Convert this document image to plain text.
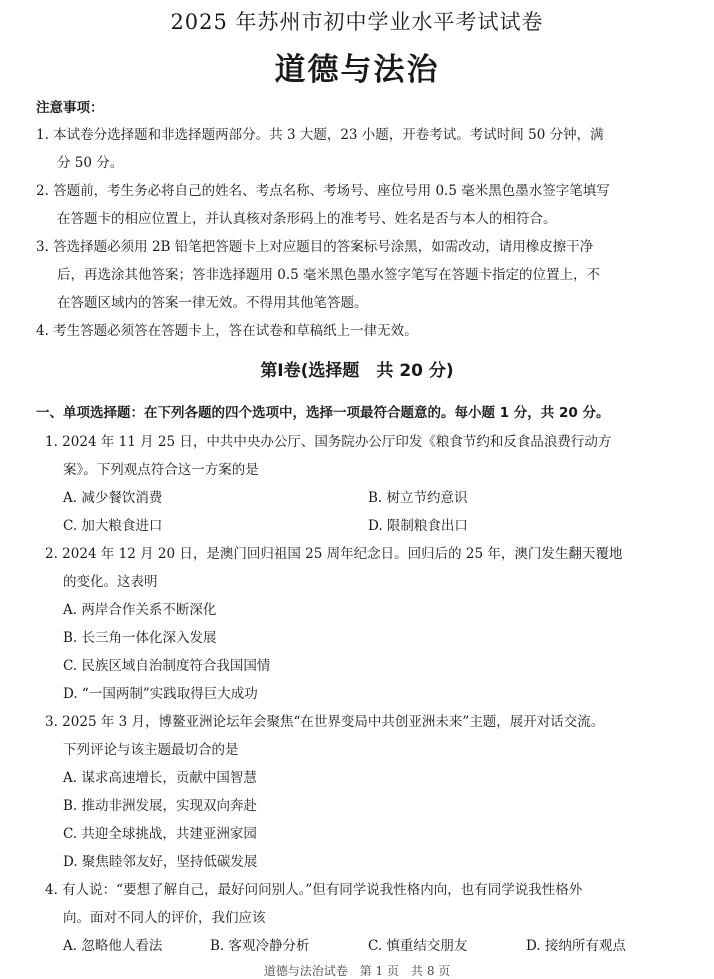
2025 年苏州市初中学业水平考试试卷
道德与法治
注意事项：
1. 本试卷分选择题和非选择题两部分。共 3 大题，23 小题，开卷考试。考试时间 50 分钟，满
分 50 分。
2. 答题前，考生务必将自己的姓名、考点名称、考场号、座位号用 0.5 毫米黑色墨水签字笔填写
在答题卡的相应位置上，并认真核对条形码上的准考号、姓名是否与本人的相符合。
3. 答选择题必须用 2B 铅笔把答题卡上对应题目的答案标号涂黑，如需改动，请用橡皮擦干净
后，再选涂其他答案；答非选择题用 0.5 毫米黑色墨水签字笔写在答题卡指定的位置上，不
在答题区域内的答案一律无效。不得用其他笔答题。
4. 考生答题必须答在答题卡上，答在试卷和草稿纸上一律无效。
第Ⅰ卷(选择题　共 20 分)
一、单项选择题：在下列各题的四个选项中，选择一项最符合题意的。每小题 1 分，共 20 分。
1. 2024 年 11 月 25 日，中共中央办公厅、国务院办公厅印发《粮食节约和反食品浪费行动方
案》。下列观点符合这一方案的是
A. 减少餐饮消费	B. 树立节约意识
C. 加大粮食进口	D. 限制粮食出口
2. 2024 年 12 月 20 日，是澳门回归祖国 25 周年纪念日。回归后的 25 年，澳门发生翻天覆地
的变化。这表明
A. 两岸合作关系不断深化
B. 长三角一体化深入发展
C. 民族区域自治制度符合我国国情
D. “一国两制”实践取得巨大成功
3. 2025 年 3 月，博鳌亚洲论坛年会聚焦“在世界变局中共创亚洲未来”主题，展开对话交流。
下列评论与该主题最切合的是
A. 谋求高速增长，贡献中国智慧
B. 推动非洲发展，实现双向奔赴
C. 共迎全球挑战，共建亚洲家园
D. 聚焦睦邻友好，坚持低碳发展
4. 有人说：“要想了解自己，最好问问别人。”但有同学说我性格内向，也有同学说我性格外
向。面对不同人的评价，我们应该
A. 忽略他人看法	B. 客观冷静分析	C. 慎重结交朋友	D. 接纳所有观点
道德与法治试卷　第 1 页　共 8 页
